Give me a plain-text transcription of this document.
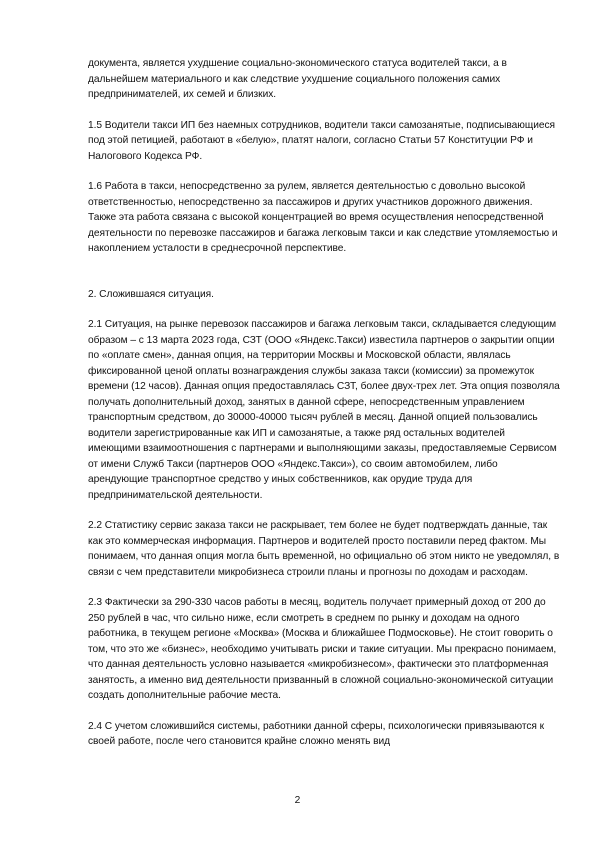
документа, является ухудшение социально-экономического статуса водителей такси, а в дальнейшем материального и как следствие ухудшение социального положения самих предпринимателей, их семей и близких.

1.5 Водители такси ИП без наемных сотрудников, водители такси самозанятые, подписывающиеся под этой петицией, работают в «белую», платят налоги, согласно Статьи 57 Конституции РФ и Налогового Кодекса РФ.

1.6 Работа в такси, непосредственно за рулем, является деятельностью с довольно высокой ответственностью, непосредственно за пассажиров и других участников дорожного движения. Также эта работа связана с высокой концентрацией во время осуществления непосредственной деятельности по перевозке пассажиров и багажа легковым такси и как следствие утомляемостью и накоплением усталости в среднесрочной перспективе.

2. Сложившаяся ситуация.

2.1 Ситуация, на рынке перевозок пассажиров и багажа легковым такси, складывается следующим образом – с 13 марта 2023 года, СЗТ (ООО «Яндекс.Такси) известила партнеров о закрытии опции по «оплате смен», данная опция, на территории Москвы и Московской области, являлась фиксированной ценой оплаты вознаграждения службы заказа такси (комиссии) за промежуток времени (12 часов). Данная опция предоставлялась СЗТ, более двух-трех лет. Эта опция позволяла получать дополнительный доход, занятых в данной сфере, непосредственным управлением транспортным средством, до 30000-40000 тысяч рублей в месяц. Данной опцией пользовались водители зарегистрированные как ИП и самозанятые, а также ряд остальных водителей имеющими взаимоотношения с партнерами и выполняющими заказы, предоставляемые Сервисом от имени Служб Такси (партнеров ООО «Яндекс.Такси»), со своим автомобилем, либо арендующие транспортное средство у иных собственников, как орудие труда для предпринимательской деятельности.

2.2 Статистику сервис заказа такси не раскрывает, тем более не будет подтверждать данные, так как это коммерческая информация. Партнеров и водителей просто поставили перед фактом. Мы понимаем, что данная опция могла быть временной, но официально об этом никто не уведомлял, в связи с чем представители микробизнеса строили планы и прогнозы по доходам и расходам.

2.3 Фактически за 290-330 часов работы в месяц, водитель получает примерный доход от 200 до 250 рублей в час, что сильно ниже, если смотреть в среднем по рынку и доходам на одного работника, в текущем регионе «Москва» (Москва и ближайшее Подмосковье). Не стоит говорить о том, что это же «бизнес», необходимо учитывать риски и такие ситуации. Мы прекрасно понимаем, что данная деятельность условно называется «микробизнесом», фактически это платформенная занятость, а именно вид деятельности призванный в сложной социально-экономической ситуации создать дополнительные рабочие места.

2.4 С учетом сложившийся системы, работники данной сферы, психологически привязываются к своей работе, после чего становится крайне сложно менять вид

2
